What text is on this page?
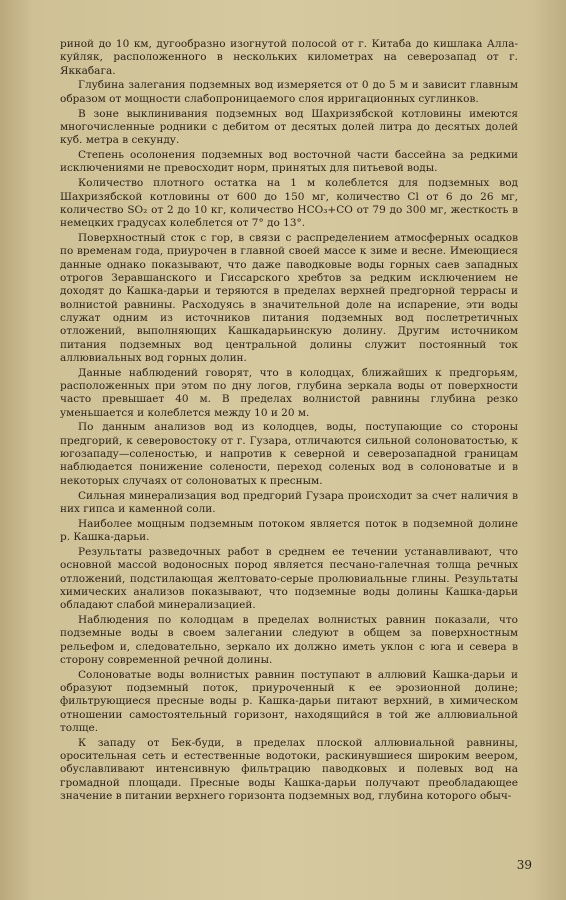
риной до 10 км, дугообразно изогнутой полосой от г. Китаба до кишлака Алла-куйляк, расположенного в нескольких километрах на северозапад от г. Яккабага.

Глубина залегания подземных вод измеряется от 0 до 5 м и зависит главным образом от мощности слабопроницаемого слоя ирригационных суглинков.

В зоне выклинивания подземных вод Шахризябской котловины имеются многочисленные родники с дебитом от десятых долей литра до десятых долей куб. метра в секунду.

Степень осолонения подземных вод восточной части бассейна за редкими исключениями не превосходит норм, принятых для питьевой воды.

Количество плотного остатка на 1 м колеблется для подземных вод Шахризябской котловины от 600 до 150 мг, количество Cl от 6 до 26 мг, количество SO₂ от 2 до 10 кг, количество HCO₃+CO от 79 до 300 мг, жесткость в немецких градусах колеблется от 7° до 13°.

Поверхностный сток с гор, в связи с распределением атмосферных осадков по временам года, приурочен в главной своей массе к зиме и весне. Имеющиеся данные однако показывают, что даже паводковые воды горных саев западных отрогов Зеравшанского и Гиссарского хребтов за редким исключением не доходят до Кашка-дарьи и теряются в пределах верхней предгорной террасы и волнистой равнины. Расходуясь в значительной доле на испарение, эти воды служат одним из источников питания подземных вод послетретичных отложений, выполняющих Кашкадарьинскую долину. Другим источником питания подземных вод центральной долины служит постоянный ток аллювиальных вод горных долин.

Данные наблюдений говорят, что в колодцах, ближайших к предгорьям, расположенных при этом по дну логов, глубина зеркала воды от поверхности часто превышает 40 м. В пределах волнистой равнины глубина резко уменьшается и колеблется между 10 и 20 м.

По данным анализов вод из колодцев, воды, поступающие со стороны предгорий, к северовостоку от г. Гузара, отличаются сильной солоноватостью, к югозападу—соленостью, и напротив к северной и северозападной границам наблюдается понижение солености, переход соленых вод в солоноватые и в некоторых случаях от солоноватых к пресным.

Сильная минерализация вод предгорий Гузара происходит за счет наличия в них гипса и каменной соли.

Наиболее мощным подземным потоком является поток в подземной долине р. Кашка-дарьи.

Результаты разведочных работ в среднем ее течении устанавливают, что основной массой водоносных пород является песчано-галечная толща речных отложений, подстилающая желтовато-серые пролювиальные глины. Результаты химических анализов показывают, что подземные воды долины Кашка-дарьи обладают слабой минерализацией.

Наблюдения по колодцам в пределах волнистых равнин показали, что подземные воды в своем залегании следуют в общем за поверхностным рельефом и, следовательно, зеркало их должно иметь уклон с юга и севера в сторону современной речной долины.

Солоноватые воды волнистых равнин поступают в аллювий Кашка-дарьи и образуют подземный поток, приуроченный к ее эрозионной долине; фильтрующиеся пресные воды р. Кашка-дарьи питают верхний, в химическом отношении самостоятельный горизонт, находящийся в той же аллювиальной толще.

К западу от Бек-буди, в пределах плоской аллювиальной равнины, оросительная сеть и естественные водотоки, раскинувшиеся широким веером, обуславливают интенсивную фильтрацию паводковых и полевых вод на громадной площади. Пресные воды Кашка-дарьи получают преобладающее значение в питании верхнего горизонта подземных вод, глубина которого обыч-

39
